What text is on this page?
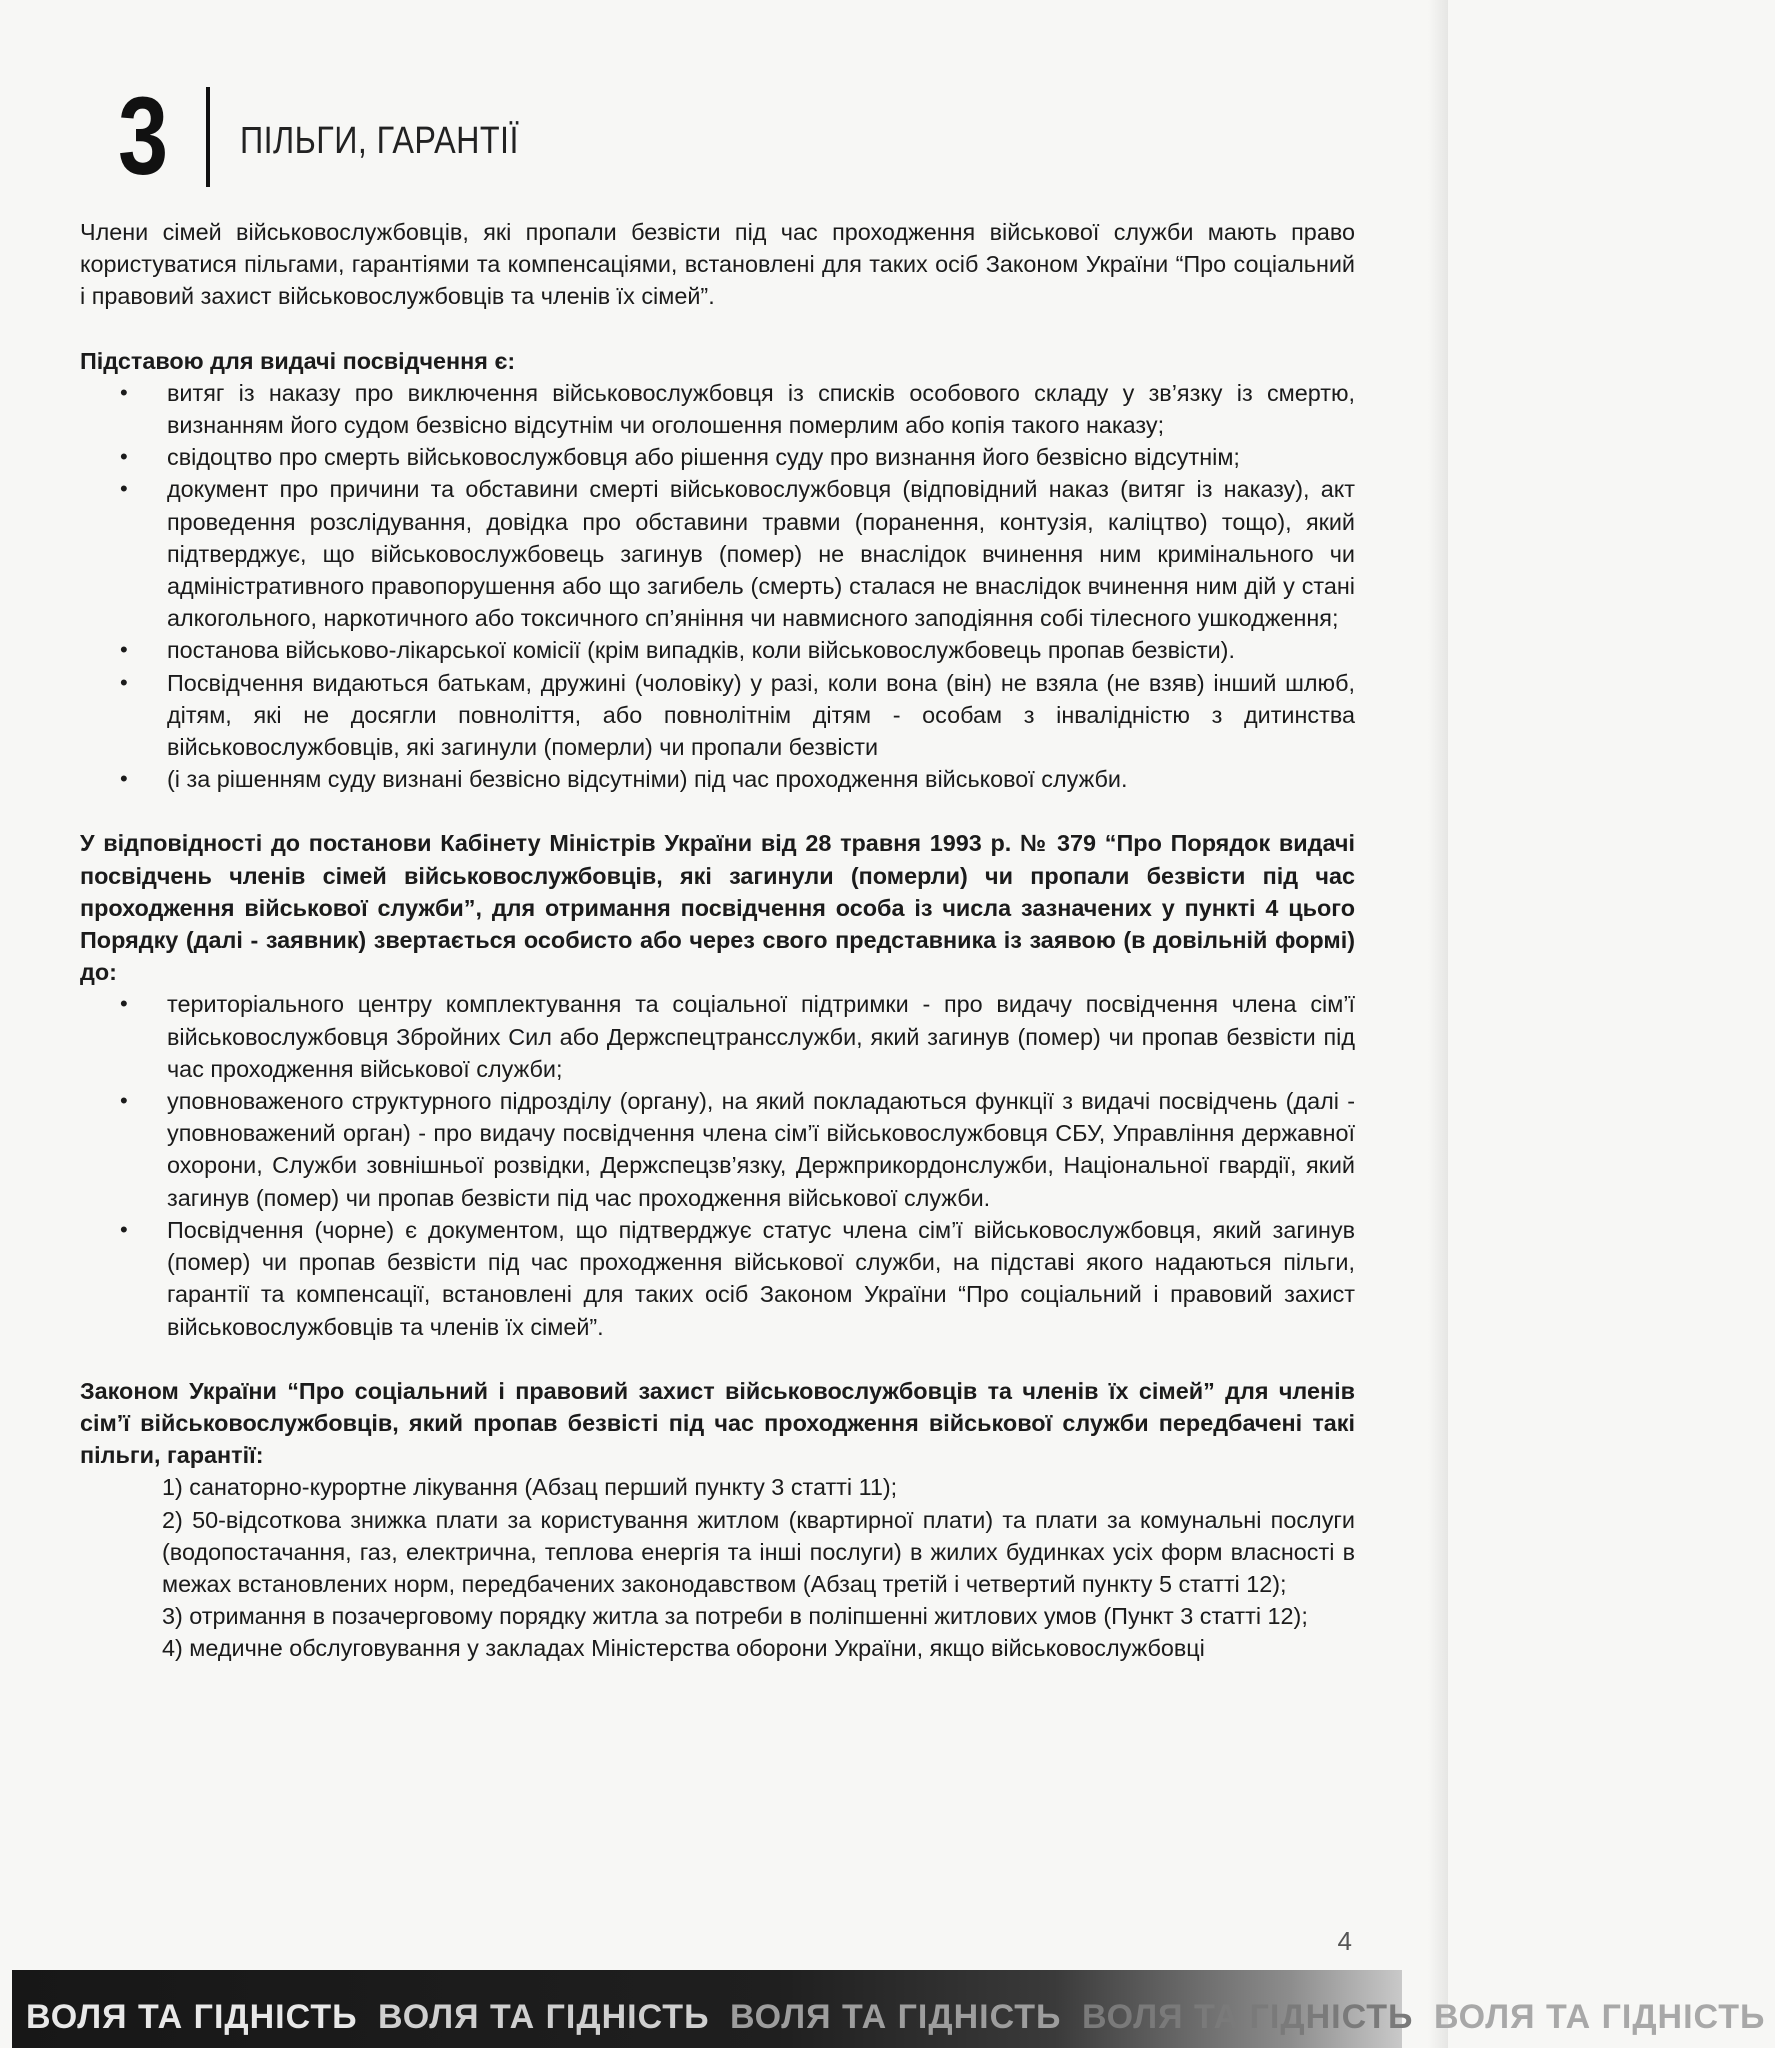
3	ПІЛЬГИ, ГАРАНТІЇ

Члени сімей військовослужбовців, які пропали безвісти під час проходження військової служби мають право користуватися пільгами, гарантіями та компенсаціями, встановлені для таких осіб Законом України “Про соціальний і правовий захист військовослужбовців та членів їх сімей”.

Підставою для видачі посвідчення є:

• витяг із наказу про виключення військовослужбовця із списків особового складу у зв’язку із смертю, визнанням його судом безвісно відсутнім чи оголошення померлим або копія такого наказу;
• свідоцтво про смерть військовослужбовця або рішення суду про визнання його безвісно відсутнім;
• документ про причини та обставини смерті військовослужбовця (відповідний наказ (витяг із наказу), акт проведення розслідування, довідка про обставини травми (поранення, контузія, каліцтво) тощо), який підтверджує, що військовослужбовець загинув (помер) не внаслідок вчинення ним кримінального чи адміністративного правопорушення або що загибель (смерть) сталася не внаслідок вчинення ним дій у стані алкогольного, наркотичного або токсичного сп’яніння чи навмисного заподіяння собі тілесного ушкодження;
• постанова військово-лікарської комісії (крім випадків, коли військовослужбовець пропав безвісти).
• Посвідчення видаються батькам, дружині (чоловіку) у разі, коли вона (він) не взяла (не взяв) інший шлюб, дітям, які не досягли повноліття, або повнолітнім дітям - особам з інвалідністю з дитинства військовослужбовців, які загинули (померли) чи пропали безвісти
• (і за рішенням суду визнані безвісно відсутніми) під час проходження військової служби.

У відповідності до постанови Кабінету Міністрів України від 28 травня 1993 р. № 379 “Про Порядок видачі посвідчень членів сімей військовослужбовців, які загинули (померли) чи пропали безвісти під час проходження військової служби”, для отримання посвідчення особа із числа зазначених у пункті 4 цього Порядку (далі - заявник) звертається особисто або через свого представника із заявою (в довільній формі) до:

• територіального центру комплектування та соціальної підтримки - про видачу посвідчення члена сім’ї військовослужбовця Збройних Сил або Держспецтрансслужби, який загинув (помер) чи пропав безвісти під час проходження військової служби;
• уповноваженого структурного підрозділу (органу), на який покладаються функції з видачі посвідчень (далі - уповноважений орган) - про видачу посвідчення члена сім’ї військовослужбовця СБУ, Управління державної охорони, Служби зовнішньої розвідки, Держспецзв’язку, Держприкордонслужби, Національної гвардії, який загинув (помер) чи пропав безвісти під час проходження військової служби.
• Посвідчення (чорне) є документом, що підтверджує статус члена сім’ї військовослужбовця, який загинув (помер) чи пропав безвісти під час проходження військової служби, на підставі якого надаються пільги, гарантії та компенсації, встановлені для таких осіб Законом України “Про соціальний і правовий захист військовослужбовців та членів їх сімей”.

Законом України “Про соціальний і правовий захист військовослужбовців та членів їх сімей” для членів сім’ї військовослужбовців, який пропав безвісті під час проходження військової служби передбачені такі пільги, гарантії:

1) санаторно-курортне лікування (Абзац перший пункту 3 статті 11);

2) 50-відсоткова знижка плати за користування житлом (квартирної плати) та плати за комунальні послуги (водопостачання, газ, електрична, теплова енергія та інші послуги) в жилих будинках усіх форм власності в межах встановлених норм, передбачених законодавством (Абзац третій і четвертий пункту 5 статті 12);

3) отримання в позачерговому порядку житла за потреби в поліпшенні житлових умов (Пункт 3 статті 12);

4) медичне обслуговування у закладах Міністерства оборони України, якщо військовослужбовці

4
ВОЛЯ ТА ГІДНІСТЬ ВОЛЯ ТА ГІДНІСТЬ ВОЛЯ ТА ГІДНІСТЬ ВОЛЯ ТА ГІДНІСТЬ ВОЛЯ ТА ГІДНІСТЬ
